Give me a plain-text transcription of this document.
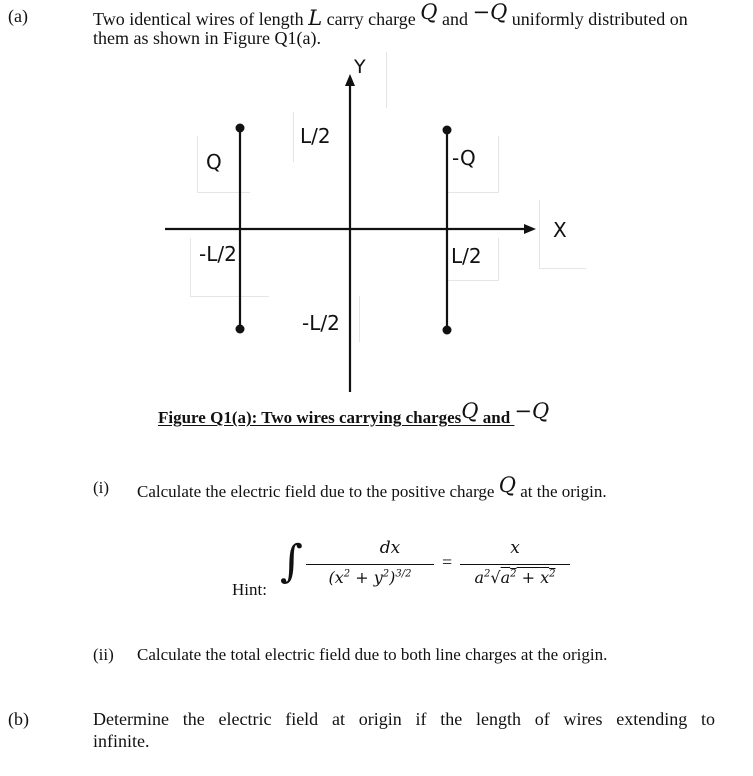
(a)	Two identical wires of length L carry charge Q and −Q uniformly distributed on
them as shown in Figure Q1(a).
Y
L/2
Q	-Q
X
-L/2	L/2
-L/2
Figure Q1(a): Two wires carrying chargesQ and −Q
(i) Calculate the electric field due to the positive charge Q at the origin.
Hint:
∫	dx
$(x^2 + y^2)^{3/2}$
=
x
$a^2√a^2 + x^2$
(ii) Calculate the total electric field due to both line charges at the origin.
(b)	Determine the electric field at origin if the length of wires extending to
infinite.
